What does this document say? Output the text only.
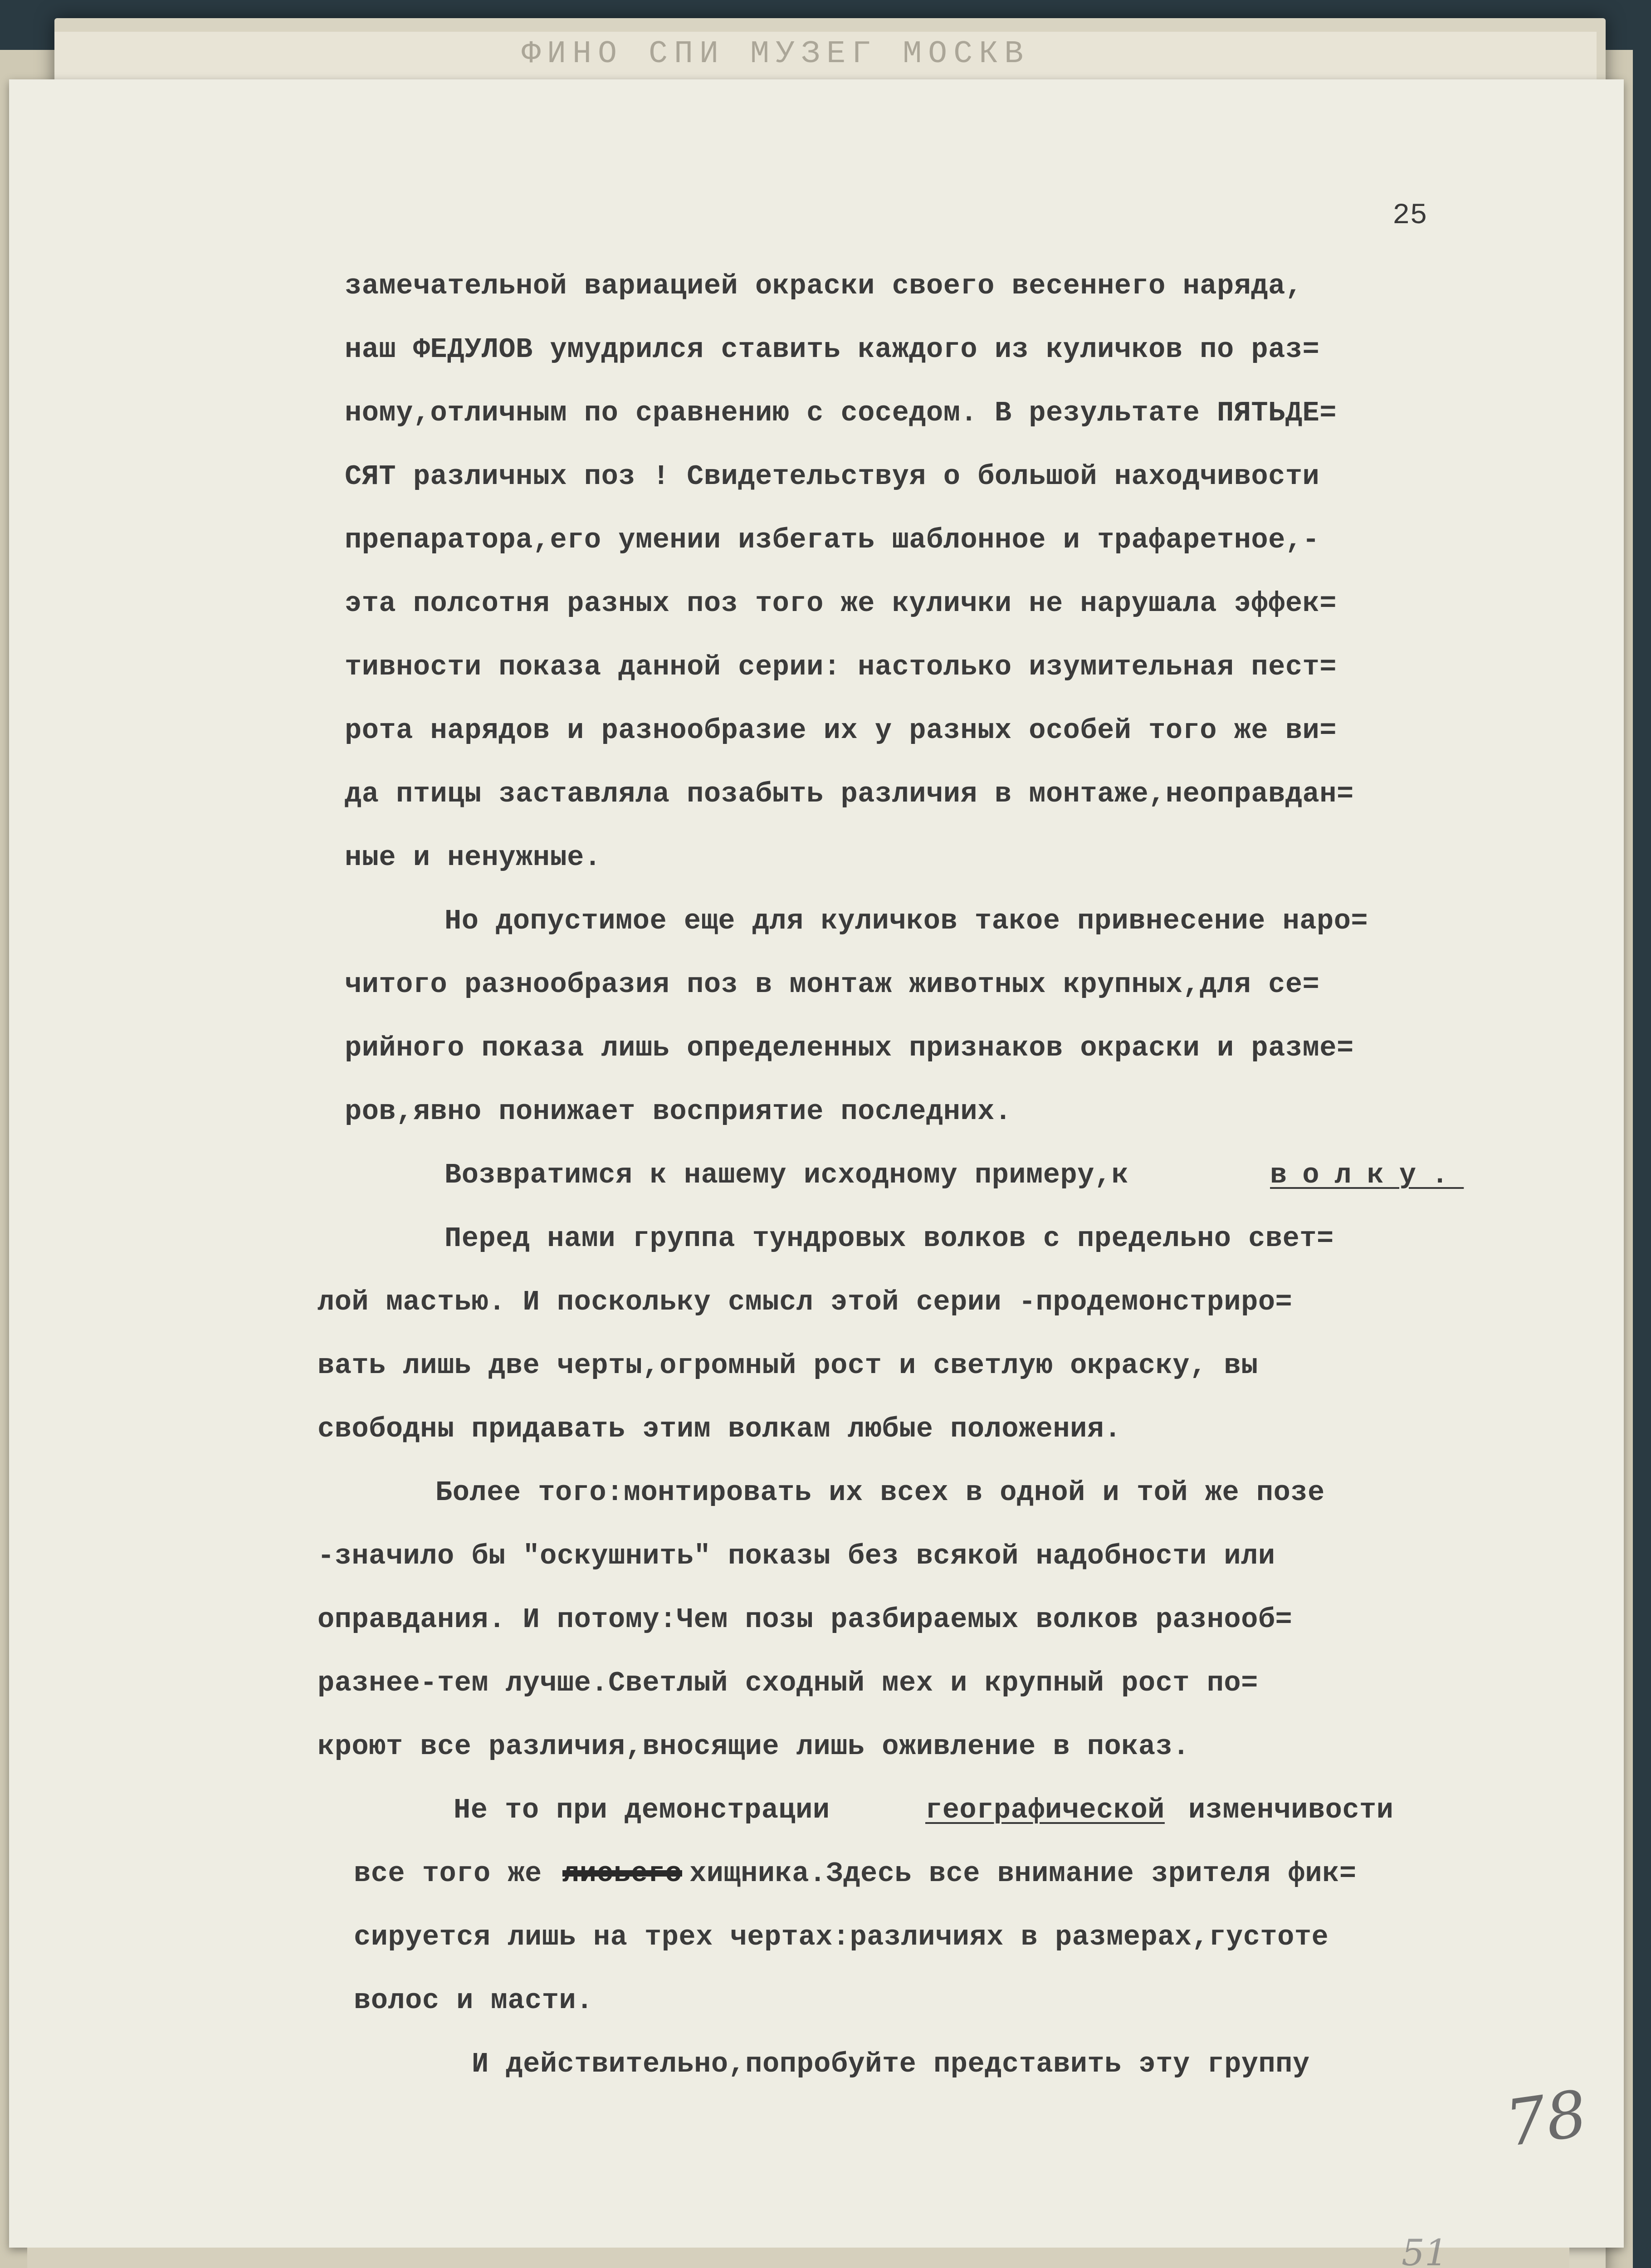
ФИНО СПИ МУЗЕГ МОСКВ
25
замечательной вариацией окраски своего весеннего наряда,
наш ФЕДУЛОВ умудрился ставить каждого из куличков по раз=
ному,отличным по сравнению с соседом. В результате ПЯТЬДЕ=
СЯТ различных поз ! Свидетельствуя о большой находчивости
препаратора,его умении избегать шаблонное и трафаретное,-
эта полсотня разных поз того же кулички не нарушала эффек=
тивности показа данной серии: настолько изумительная пест=
рота нарядов и разнообразие их у разных особей того же ви=
да птицы заставляла позабыть различия в монтаже,неоправдан=
ные и ненужные.
Но допустимое еще для куличков такое привнесение наро=
читого разнообразия поз в монтаж животных крупных,для се=
рийного показа лишь определенных признаков окраски и разме=
ров,явно понижает восприятие последних.
Возвратимся к нашему исходному примеру,к	волку.
Перед нами группа тундровых волков с предельно свет=
лой мастью. И поскольку смысл этой серии -продемонстриро=
вать лишь две черты,огромный рост и светлую окраску, вы
свободны придавать этим волкам любые положения.
Более того:монтировать их всех в одной и той же позе
-значило бы "оскушнить" показы без всякой надобности или
оправдания. И потому:Чем позы разбираемых волков разнооб=
разнее-тем лучше.Светлый сходный мех и крупный рост по=
кроют все различия,вносящие лишь оживление в показ.
Не то при демонстрации	географической изменчивости
все того же лисьего хищника.Здесь все внимание зрителя фик=
сируется лишь на трех чертах:различиях в размерах,густоте
волос и масти.
И действительно,попробуйте представить эту группу
78
51
